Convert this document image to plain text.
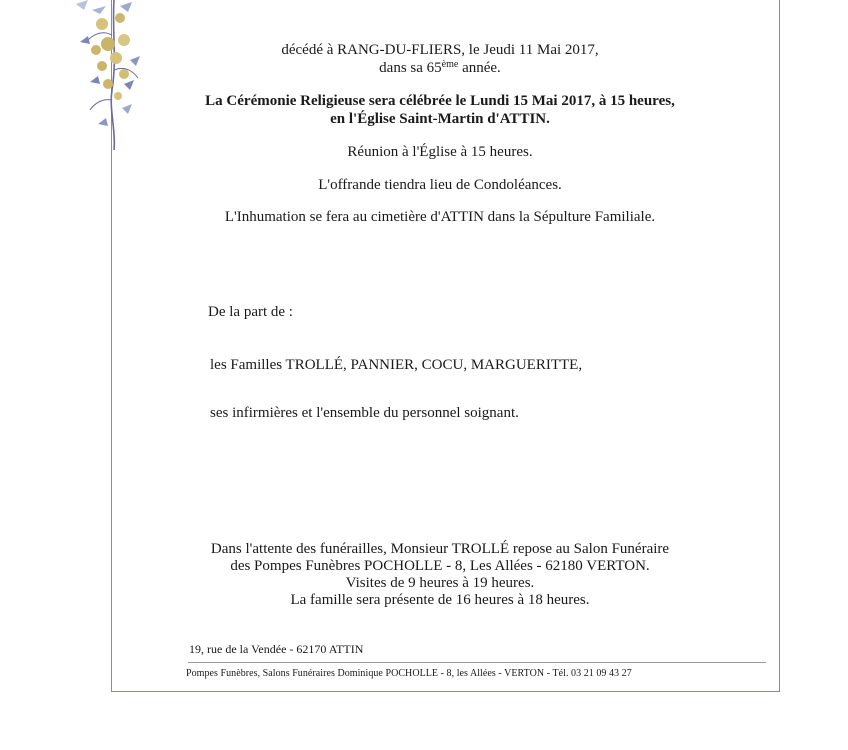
décédé à RANG-DU-FLIERS, le Jeudi 11 Mai 2017,
dans sa 65ème année.
La Cérémonie Religieuse sera célébrée le Lundi 15 Mai 2017, à 15 heures,
en l'Église Saint-Martin d'ATTIN.
Réunion à l'Église à 15 heures.
L'offrande tiendra lieu de Condoléances.
L'Inhumation se fera au cimetière d'ATTIN dans la Sépulture Familiale.
De la part de :
les Familles TROLLÉ, PANNIER, COCU, MARGUERITTE,
ses infirmières et l'ensemble du personnel soignant.
Dans l'attente des funérailles, Monsieur TROLLÉ repose au Salon Funéraire
des Pompes Funèbres POCHOLLE - 8, Les Allées - 62180 VERTON.
Visites de 9 heures à 19 heures.
La famille sera présente de 16 heures à 18 heures.
19, rue de la Vendée - 62170 ATTIN
Pompes Funèbres, Salons Funéraires Dominique POCHOLLE - 8, les Allées - VERTON - Tél. 03 21 09 43 27
